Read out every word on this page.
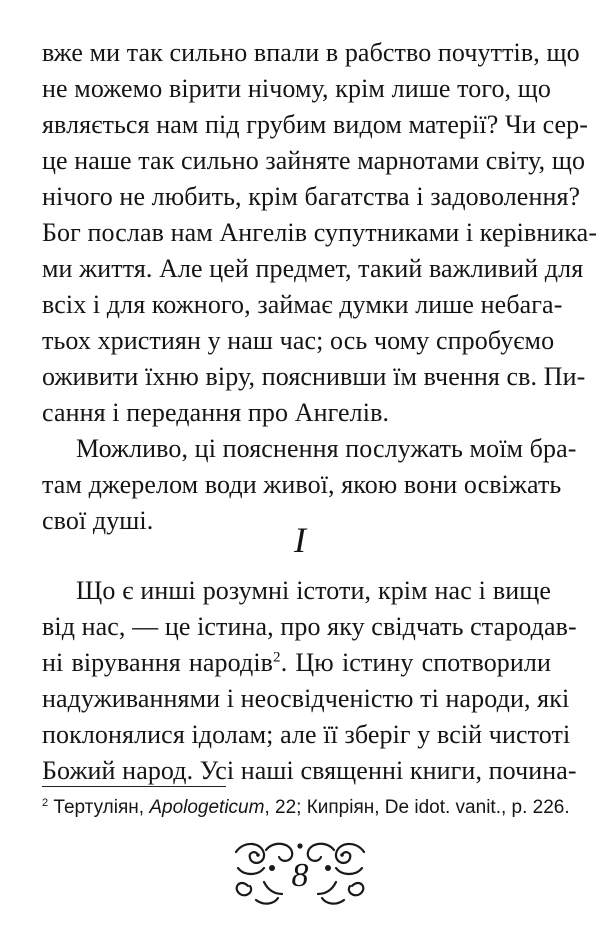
вже ми так сильно впали в рабство почуттів, що
не можемо вірити нічому, крім лише того, що
являється нам під грубим видом матерії? Чи сер-
це наше так сильно зайняте марнотами світу, що
нічого не любить, крім багатства і задоволення?
Бог послав нам Ангелів супутниками і керівника-
ми життя. Але цей предмет, такий важливий для
всіх і для кожного, займає думки лише небага-
тьох християн у наш час; ось чому спробуємо
оживити їхню віру, пояснивши їм вчення св. Пи-
сання і передання про Ангелів.
Можливо, ці пояснення послужать моїм бра-
там джерелом води живої, якою вони освіжать
свої душі.	I
Що є инші розумні істоти, крім нас і вище
від нас, — це істина, про яку свідчать стародав-
ні вірування народів$^2$. Цю істину спотворили
надуживаннями і неосвідченістю ті народи, які
поклонялися ідолам; але її зберіг у всій чистоті
Божий народ. Усі наші священні книги, почина-
$^2$ Тертуліян, Apologeticum, 22; Кипріян, De idot. vanit., p. 226.
8
